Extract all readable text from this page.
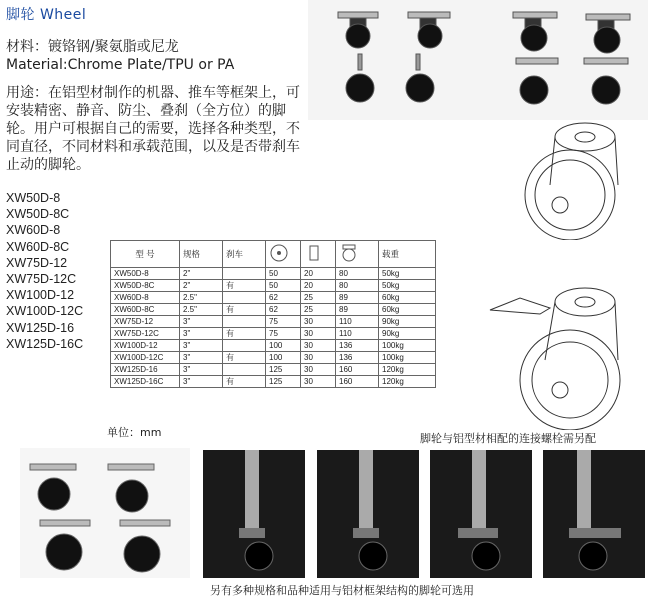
脚轮 Wheel
材料：镀铬钢/聚氨脂或尼龙
Material:Chrome Plate/TPU or PA
用途：在铝型材制作的机器、推车等框架上，可安装精密、静音、防尘、叠刹（全方位）的脚轮。用户可根据自己的需要，选择各种类型，不同直径，不同材料和承载范围，以及是否带刹车止动的脚轮。
XW50D-8
XW50D-8C
XW60D-8
XW60D-8C
XW75D-12
XW75D-12C
XW100D-12
XW100D-12C
XW125D-16
XW125D-16C
型 号	规格	刹车				载重
XW50D-8	2"		50	20	80	50kg
XW50D-8C	2"	有	50	20	80	50kg
XW60D-8	2.5"		62	25	89	60kg
XW60D-8C	2.5"	有	62	25	89	60kg
XW75D-12	3"		75	30	110	90kg
XW75D-12C	3"	有	75	30	110	90kg
XW100D-12	3"		100	30	136	100kg
XW100D-12C	3"	有	100	30	136	100kg
XW125D-16	3"		125	30	160	120kg
XW125D-16C	3"	有	125	30	160	120kg
单位：mm	脚轮与铝型材相配的连接螺栓需另配
另有多种规格和品种适用与铝材框架结构的脚轮可选用
